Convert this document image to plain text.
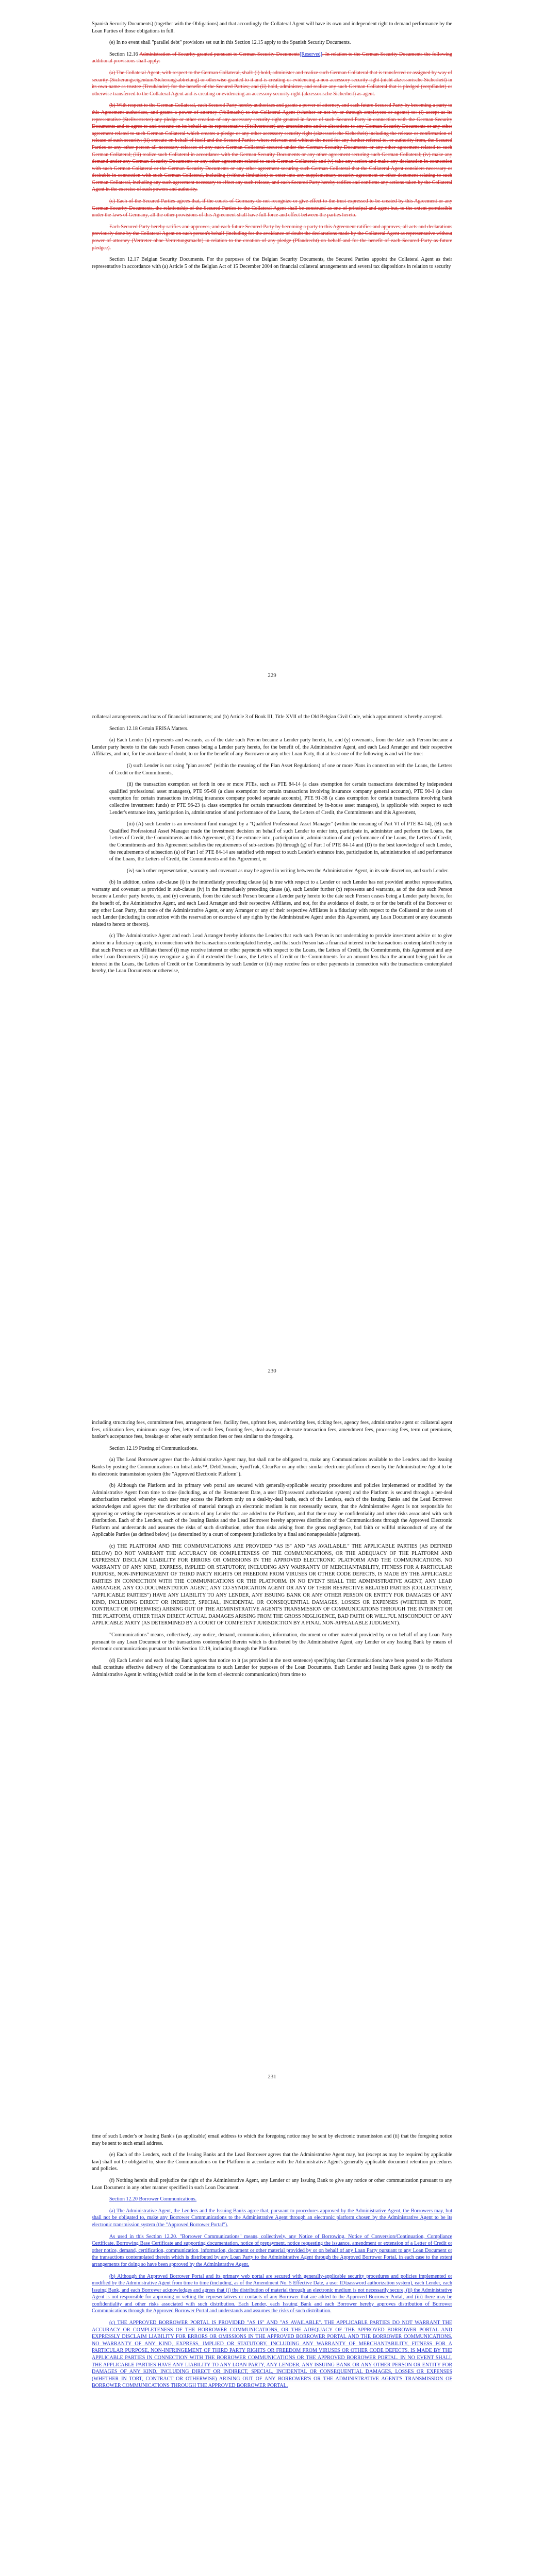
Spanish Security Documents) (together with the Obligations) and that accordingly the Collateral Agent will have its own and independent right to demand performance by the Loan Parties of those obligations in full.

(e) In no event shall "parallel debt" provisions set out in this Section 12.15 apply to the Spanish Security Documents.

Section 12.16 Administration of Security granted pursuant to German Security Documents[Reserved]. In relation to the German Security Documents the following additional provisions shall apply:

(a) The Collateral Agent, with respect to the German Collateral, shall: (i) hold, administer and realize such German Collateral that is transferred or assigned by way of security (Sicherungseigentum/Sicherungsabtretung) or otherwise granted to it and is creating or evidencing a non-accessory security right (nicht akzessorische Sicherheit) in its own name as trustee (Treuhänder) for the benefit of the Secured Parties; and (ii) hold, administer, and realize any such German Collateral that is pledged (verpfändet) or otherwise transferred to the Collateral Agent and is creating or evidencing an accessory security right (akzessorische Sicherheit) as agent.

(b) With respect to the German Collateral, each Secured Party hereby authorizes and grants a power of attorney, and each future Secured Party by becoming a party to this Agreement authorizes, and grants a power of attorney (Vollmacht) to the Collateral Agent (whether or not by or through employees or agents) to: (i) accept as its representative (Stellvertreter) any pledge or other creation of any accessory security right granted in favor of such Secured Party in connection with the German Security Documents and to agree to and execute on its behalf as its representative (Stellvertreter) any amendments and/or alterations to any German Security Documents or any other agreement related to such German Collateral which creates a pledge or any other accessory security right (akzessorische Sicherheit) including the release or confirmation of release of such security; (ii) execute on behalf of itself and the Secured Parties where relevant and without the need for any further referral to, or authority from, the Secured Parties or any other person all necessary releases of any such German Collateral secured under the German Security Documents or any other agreement related to such German Collateral; (iii) realize such Collateral in accordance with the German Security Documents or any other agreement securing such German Collateral; (iv) make any demand under any German Security Documents or any other agreement related to such German Collateral; and (v) take any action and make any declaration in connection with such German Collateral or the German Security Documents or any other agreement securing such German Collateral that the Collateral Agent considers necessary or desirable in connection with such German Collateral, including (without limitation) to enter into any supplementary security agreement or other document relating to such German Collateral, including any such agreement necessary to effect any such release, and each Secured Party hereby ratifies and confirms any actions taken by the Collateral Agent in the exercise of such powers and authority.

(c) Each of the Secured Parties agrees that, if the courts of Germany do not recognize or give effect to the trust expressed to be created by this Agreement or any German Security Documents, the relationship of the Secured Parties to the Collateral Agent shall be construed as one of principal and agent but, to the extent permissible under the laws of Germany, all the other provisions of this Agreement shall have full force and effect between the parties hereto.

Each Secured Party hereby ratifies and approves, and each future Secured Party by becoming a party to this Agreement ratifies and approves, all acts and declarations previously done by the Collateral Agent on such person's behalf (including for the avoidance of doubt the declarations made by the Collateral Agent as representative without power of attorney (Vertreter ohne Vertretungsmacht) in relation to the creation of any pledge (Pfandrecht) on behalf and for the benefit of each Secured Party as future pledgee).

Section 12.17 Belgian Security Documents. For the purposes of the Belgian Security Documents, the Secured Parties appoint the Collateral Agent as their representative in accordance with (a) Article 5 of the Belgian Act of 15 December 2004 on financial collateral arrangements and several tax dispositions in relation to security

229

collateral arrangements and loans of financial instruments; and (b) Article 3 of Book III, Title XVII of the Old Belgian Civil Code, which appointment is hereby accepted.

Section 12.18 Certain ERISA Matters.

(a) Each Lender (x) represents and warrants, as of the date such Person became a Lender party hereto, to, and (y) covenants, from the date such Person became a Lender party hereto to the date such Person ceases being a Lender party hereto, for the benefit of, the Administrative Agent, and each Lead Arranger and their respective Affiliates, and not, for the avoidance of doubt, to or for the benefit of any Borrower or any other Loan Party, that at least one of the following is and will be true:

(i) such Lender is not using "plan assets" (within the meaning of the Plan Asset Regulations) of one or more Plans in connection with the Loans, the Letters of Credit or the Commitments,

(ii) the transaction exemption set forth in one or more PTEs, such as PTE 84-14 (a class exemption for certain transactions determined by independent qualified professional asset managers), PTE 95-60 (a class exemption for certain transactions involving insurance company general accounts), PTE 90-1 (a class exemption for certain transactions involving insurance company pooled separate accounts), PTE 91-38 (a class exemption for certain transactions involving bank collective investment funds) or PTE 96-23 (a class exemption for certain transactions determined by in-house asset managers), is applicable with respect to such Lender's entrance into, participation in, administration of and performance of the Loans, the Letters of Credit, the Commitments and this Agreement,

(iii) (A) such Lender is an investment fund managed by a "Qualified Professional Asset Manager" (within the meaning of Part VI of PTE 84-14), (B) such Qualified Professional Asset Manager made the investment decision on behalf of such Lender to enter into, participate in, administer and perform the Loans, the Letters of Credit, the Commitments and this Agreement, (C) the entrance into, participation in, administration of and performance of the Loans, the Letters of Credit, the Commitments and this Agreement satisfies the requirements of sub-sections (b) through (g) of Part I of PTE 84-14 and (D) to the best knowledge of such Lender, the requirements of subsection (a) of Part I of PTE 84-14 are satisfied with respect to such Lender's entrance into, participation in, administration of and performance of the Loans, the Letters of Credit, the Commitments and this Agreement, or

(iv) such other representation, warranty and covenant as may be agreed in writing between the Administrative Agent, in its sole discretion, and such Lender.

(b) In addition, unless sub-clause (i) in the immediately preceding clause (a) is true with respect to a Lender or such Lender has not provided another representation, warranty and covenant as provided in sub-clause (iv) in the immediately preceding clause (a), such Lender further (x) represents and warrants, as of the date such Person became a Lender party hereto, to, and (y) covenants, from the date such Person became a Lender party hereto to the date such Person ceases being a Lender party hereto, for the benefit of, the Administrative Agent, and each Lead Arranger and their respective Affiliates, and not, for the avoidance of doubt, to or for the benefit of the Borrower or any other Loan Party, that none of the Administrative Agent, or any Arranger or any of their respective Affiliates is a fiduciary with respect to the Collateral or the assets of such Lender (including in connection with the reservation or exercise of any rights by the Administrative Agent under this Agreement, any Loan Document or any documents related to hereto or thereto).

(c) The Administrative Agent and each Lead Arranger hereby informs the Lenders that each such Person is not undertaking to provide investment advice or to give advice in a fiduciary capacity, in connection with the transactions contemplated hereby, and that such Person has a financial interest in the transactions contemplated hereby in that such Person or an Affiliate thereof (i) may receive interest or other payments with respect to the Loans, the Letters of Credit, the Commitments, this Agreement and any other Loan Documents (ii) may recognize a gain if it extended the Loans, the Letters of Credit or the Commitments for an amount less than the amount being paid for an interest in the Loans, the Letters of Credit or the Commitments by such Lender or (iii) may receive fees or other payments in connection with the transactions contemplated hereby, the Loan Documents or otherwise,

230

including structuring fees, commitment fees, arrangement fees, facility fees, upfront fees, underwriting fees, ticking fees, agency fees, administrative agent or collateral agent fees, utilization fees, minimum usage fees, letter of credit fees, fronting fees, deal-away or alternate transaction fees, amendment fees, processing fees, term out premiums, banker's acceptance fees, breakage or other early termination fees or fees similar to the foregoing.

Section 12.19 Posting of Communications.

(a) The Lead Borrower agrees that the Administrative Agent may, but shall not be obligated to, make any Communications available to the Lenders and the Issuing Banks by posting the Communications on IntraLinks™, DebtDomain, SyndTrak, ClearPar or any other similar electronic platform chosen by the Administrative Agent to be its electronic transmission system (the "Approved Electronic Platform").

(b) Although the Platform and its primary web portal are secured with generally-applicable security procedures and policies implemented or modified by the Administrative Agent from time to time (including, as of the Restatement Date, a user ID/password authorization system) and the Platform is secured through a per-deal authorization method whereby each user may access the Platform only on a deal-by-deal basis, each of the Lenders, each of the Issuing Banks and the Lead Borrower acknowledges and agrees that the distribution of material through an electronic medium is not necessarily secure, that the Administrative Agent is not responsible for approving or vetting the representatives or contacts of any Lender that are added to the Platform, and that there may be confidentiality and other risks associated with such distribution. Each of the Lenders, each of the Issuing Banks and the Lead Borrower hereby approves distribution of the Communications through the Approved Electronic Platform and understands and assumes the risks of such distribution, other than risks arising from the gross negligence, bad faith or willful misconduct of any of the Applicable Parties (as defined below) (as determined by a court of competent jurisdiction by a final and nonappealable judgment).

(c) THE PLATFORM AND THE COMMUNICATIONS ARE PROVIDED "AS IS" AND "AS AVAILABLE." THE APPLICABLE PARTIES (AS DEFINED BELOW) DO NOT WARRANT THE ACCURACY OR COMPLETENESS OF THE COMMUNICATIONS, OR THE ADEQUACY OF THE PLATFORM AND EXPRESSLY DISCLAIM LIABILITY FOR ERRORS OR OMISSIONS IN THE APPROVED ELECTRONIC PLATFORM AND THE COMMUNICATIONS. NO WARRANTY OF ANY KIND, EXPRESS, IMPLIED OR STATUTORY, INCLUDING ANY WARRANTY OF MERCHANTABILITY, FITNESS FOR A PARTICULAR PURPOSE, NON-INFRINGEMENT OF THIRD PARTY RIGHTS OR FREEDOM FROM VIRUSES OR OTHER CODE DEFECTS, IS MADE BY THE APPLICABLE PARTIES IN CONNECTION WITH THE COMMUNICATIONS OR THE PLATFORM. IN NO EVENT SHALL THE ADMINISTRATIVE AGENT, ANY LEAD ARRANGER, ANY CO-DOCUMENTATION AGENT, ANY CO-SYNDICATION AGENT OR ANY OF THEIR RESPECTIVE RELATED PARTIES (COLLECTIVELY, "APPLICABLE PARTIES") HAVE ANY LIABILITY TO ANY LENDER, ANY ISSUING BANK OR ANY OTHER PERSON OR ENTITY FOR DAMAGES OF ANY KIND, INCLUDING DIRECT OR INDIRECT, SPECIAL, INCIDENTAL OR CONSEQUENTIAL DAMAGES, LOSSES OR EXPENSES (WHETHER IN TORT, CONTRACT OR OTHERWISE) ARISING OUT OF THE ADMINISTRATIVE AGENT'S TRANSMISSION OF COMMUNICATIONS THROUGH THE INTERNET OR THE PLATFORM, OTHER THAN DIRECT ACTUAL DAMAGES ARISING FROM THE GROSS NEGLIGENCE, BAD FAITH OR WILLFUL MISCONDUCT OF ANY APPLICABLE PARTY (AS DETERMINED BY A COURT OF COMPETENT JURISDICTION BY A FINAL NON-APPEALABLE JUDGMENT).

"Communications" means, collectively, any notice, demand, communication, information, document or other material provided by or on behalf of any Loan Party pursuant to any Loan Document or the transactions contemplated therein which is distributed by the Administrative Agent, any Lender or any Issuing Bank by means of electronic communications pursuant to this Section 12.19, including through the Platform.

(d) Each Lender and each Issuing Bank agrees that notice to it (as provided in the next sentence) specifying that Communications have been posted to the Platform shall constitute effective delivery of the Communications to such Lender for purposes of the Loan Documents. Each Lender and Issuing Bank agrees (i) to notify the Administrative Agent in writing (which could be in the form of electronic communication) from time to

231

time of such Lender's or Issuing Bank's (as applicable) email address to which the foregoing notice may be sent by electronic transmission and (ii) that the foregoing notice may be sent to such email address.

(e) Each of the Lenders, each of the Issuing Banks and the Lead Borrower agrees that the Administrative Agent may, but (except as may be required by applicable law) shall not be obligated to, store the Communications on the Platform in accordance with the Administrative Agent's generally applicable document retention procedures and policies.

(f) Nothing herein shall prejudice the right of the Administrative Agent, any Lender or any Issuing Bank to give any notice or other communication pursuant to any Loan Document in any other manner specified in such Loan Document.

Section 12.20 Borrower Communications.

(a) The Administrative Agent, the Lenders and the Issuing Banks agree that, pursuant to procedures approved by the Administrative Agent, the Borrowers may, but shall not be obligated to, make any Borrower Communications to the Administrative Agent through an electronic platform chosen by the Administrative Agent to be its electronic transmission system (the "Approved Borrower Portal").

As used in this Section 12.20, "Borrower Communications" means, collectively, any Notice of Borrowing, Notice of Conversion/Continuation, Compliance Certificate, Borrowing Base Certificate and supporting documentation, notice of prepayment, notice requesting the issuance, amendment or extension of a Letter of Credit or other notice, demand, certification, communication, information, document or other material provided by or on behalf of any Loan Party pursuant to any Loan Document or the transactions contemplated therein which is distributed by any Loan Party to the Administrative Agent through the Approved Borrower Portal, in each case to the extent arrangements for doing so have been approved by the Administrative Agent.

(b) Although the Approved Borrower Portal and its primary web portal are secured with generally-applicable security procedures and policies implemented or modified by the Administrative Agent from time to time (including, as of the Amendment No. 5 Effective Date, a user ID/password authorization system), each Lender, each Issuing Bank, and each Borrower acknowledges and agrees that (i) the distribution of material through an electronic medium is not necessarily secure, (ii) the Administrative Agent is not responsible for approving or vetting the representatives or contacts of any Borrower that are added to the Approved Borrower Portal, and (iii) there may be confidentiality and other risks associated with such distribution. Each Lender, each Issuing Bank and each Borrower hereby approves distribution of Borrower Communications through the Approved Borrower Portal and understands and assumes the risks of such distribution.

(c) THE APPROVED BORROWER PORTAL IS PROVIDED "AS IS" AND "AS AVAILABLE". THE APPLICABLE PARTIES DO NOT WARRANT THE ACCURACY OR COMPLETENESS OF THE BORROWER COMMUNICATIONS, OR THE ADEQUACY OF THE APPROVED BORROWER PORTAL AND EXPRESSLY DISCLAIM LIABILITY FOR ERRORS OR OMISSIONS IN THE APPROVED BORROWER PORTAL AND THE BORROWER COMMUNICATIONS. NO WARRANTY OF ANY KIND, EXPRESS, IMPLIED OR STATUTORY, INCLUDING ANY WARRANTY OF MERCHANTABILITY, FITNESS FOR A PARTICULAR PURPOSE, NON-INFRINGEMENT OF THIRD PARTY RIGHTS OR FREEDOM FROM VIRUSES OR OTHER CODE DEFECTS, IS MADE BY THE APPLICABLE PARTIES IN CONNECTION WITH THE BORROWER COMMUNICATIONS OR THE APPROVED BORROWER PORTAL. IN NO EVENT SHALL THE APPLICABLE PARTIES HAVE ANY LIABILITY TO ANY LOAN PARTY, ANY LENDER, ANY ISSUING BANK OR ANY OTHER PERSON OR ENTITY FOR DAMAGES OF ANY KIND, INCLUDING DIRECT OR INDIRECT, SPECIAL, INCIDENTAL OR CONSEQUENTIAL DAMAGES, LOSSES OR EXPENSES (WHETHER IN TORT, CONTRACT OR OTHERWISE) ARISING OUT OF ANY BORROWER'S OR THE ADMINISTRATIVE AGENT'S TRANSMISSION OF BORROWER COMMUNICATIONS THROUGH THE APPROVED BORROWER PORTAL.
